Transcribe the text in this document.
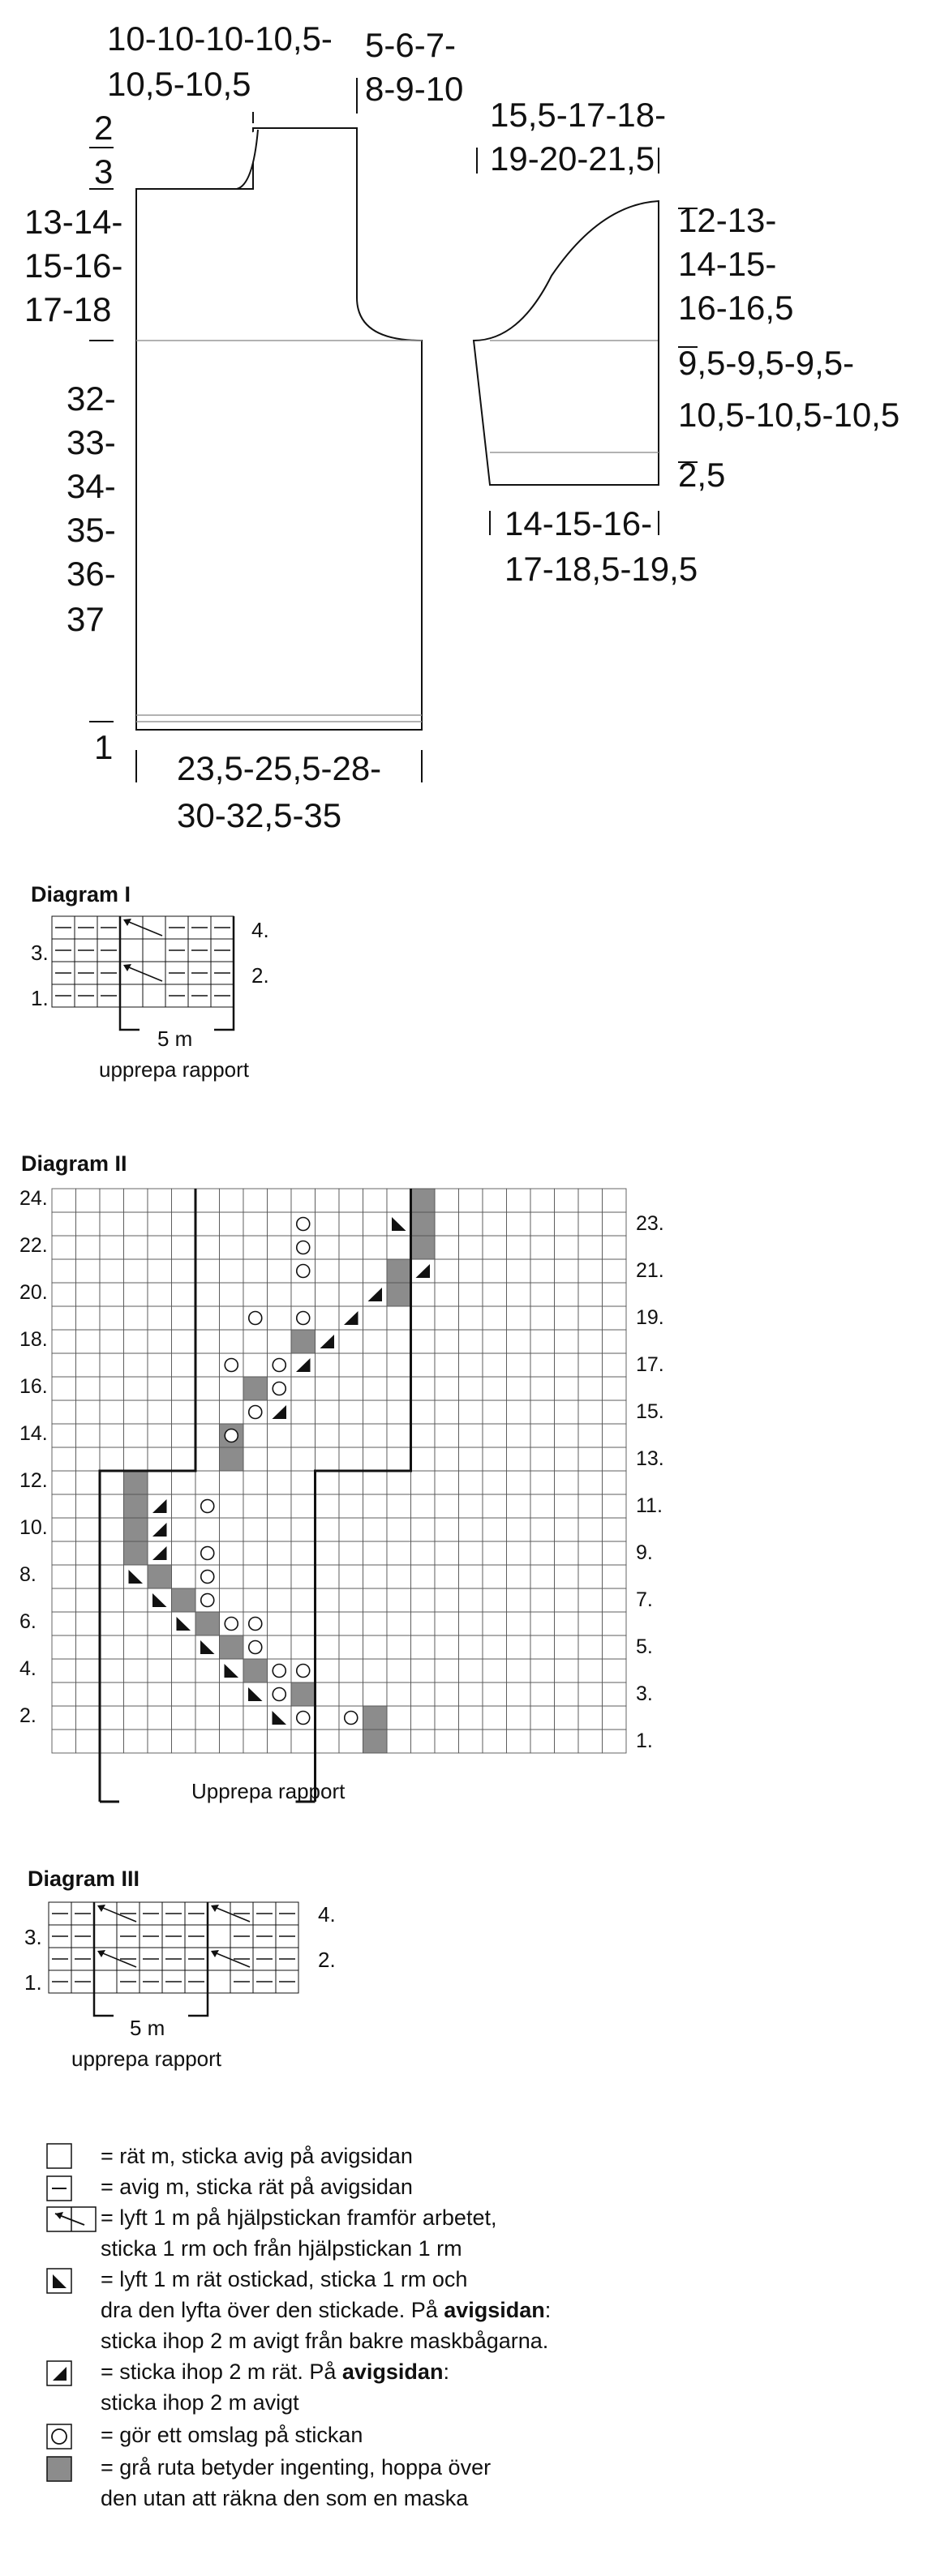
10-10-10-10,5-
10,5-10,5
5-6-7-
8-9-10
2
3
13-14-
15-16-
17-18
32-
33-
34-
35-
36-
37
1
23,5-25,5-28-
30-32,5-35
15,5-17-18-
19-20-21,5
12-13-
14-15-
16-16,5
9,5-9,5-9,5-
10,5-10,5-10,5
2,5
14-15-16-
17-18,5-19,5
Diagram I
3.
1.
4.
2.
5 m
upprepa rapport
Diagram II
24.
22.
20.
18.
16.
14.
12.
10.
8.
6.
4.
2.
23.
21.
19.
17.
15.
13.
11.
9.
7.
5.
3.
1.
Upprepa rapport
Diagram III
3.
1.
4.
2.
5 m
upprepa rapport
= rät m, sticka avig på avigsidan
= avig m, sticka rät på avigsidan
= lyft 1 m på hjälpstickan framför arbetet,
sticka 1 rm och från hjälpstickan 1 rm
= lyft 1 m rät ostickad, sticka 1 rm och
dra den lyfta över den stickade. På avigsidan:
sticka ihop 2 m avigt från bakre maskbågarna.
= sticka ihop 2 m rät. På avigsidan:
sticka ihop 2 m avigt
= gör ett omslag på stickan
= grå ruta betyder ingenting, hoppa över
den utan att räkna den som en maska
